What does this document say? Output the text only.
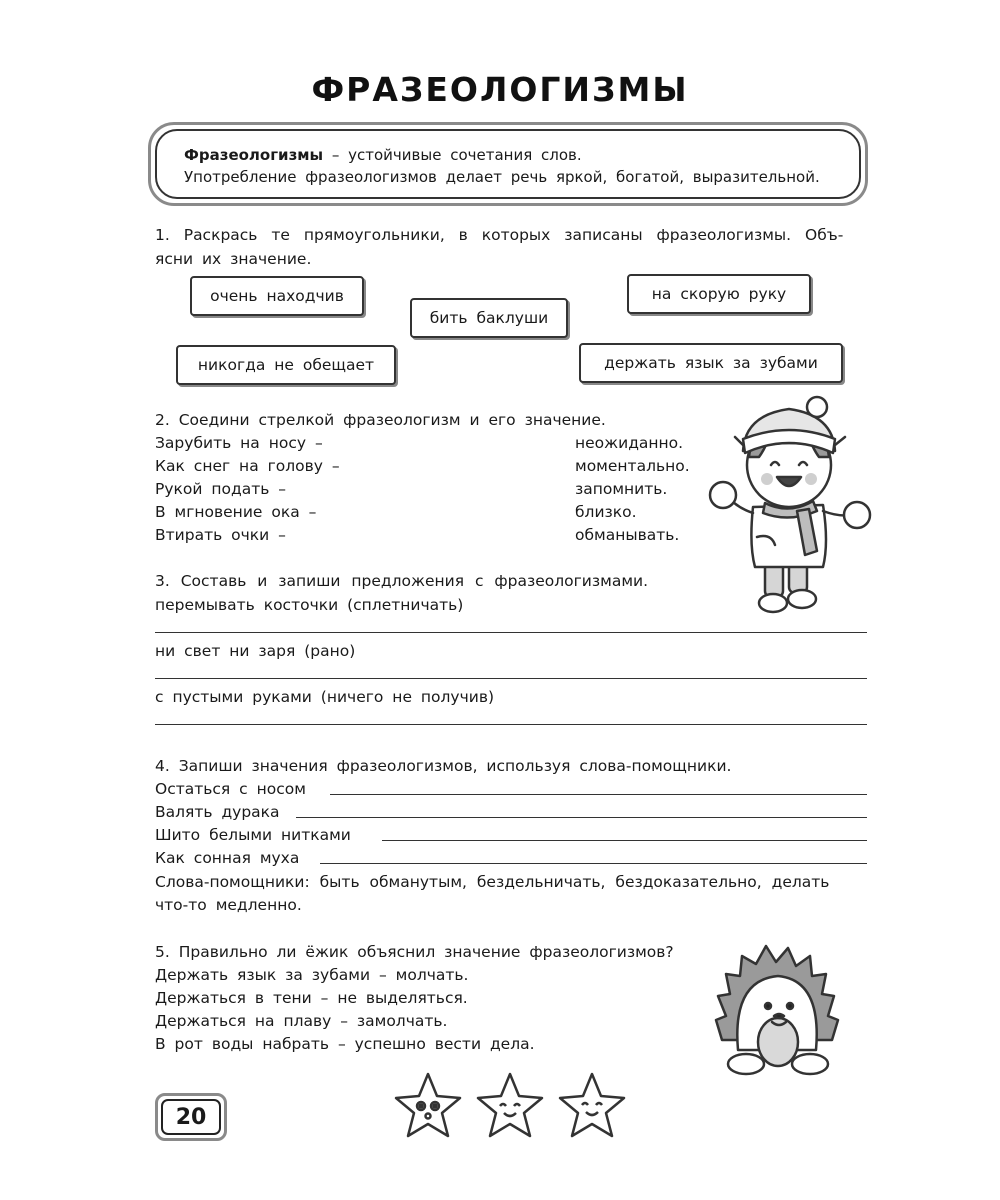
ФРАЗЕОЛОГИЗМЫ
Фразеологизмы – устойчивые сочетания слов.
Употребление фразеологизмов делает речь яркой, богатой, выразительной.
1. Раскрась те прямоугольники, в которых записаны фразеологизмы. Объ-
ясни их значение.
очень находчив
бить баклуши
на скорую руку
никогда не обещает	держать язык за зубами
2. Соедини стрелкой фразеологизм и его значение.
Зарубить на носу –
Как снег на голову –
Рукой подать –
В мгновение ока –
Втирать очки –
неожиданно.
моментально.
запомнить.
близко.
обманывать.
3. Составь и запиши предложения с фразеологизмами.
перемывать косточки (сплетничать)
ни свет ни заря (рано)
с пустыми руками (ничего не получив)
4. Запиши значения фразеологизмов, используя слова-помощники.
Остаться с носом
Валять дурака
Шито белыми нитками
Как сонная муха
Слова-помощники: быть обманутым, бездельничать, бездоказательно, делать
что-то медленно.
5. Правильно ли ёжик объяснил значение фразеологизмов?
Держать язык за зубами – молчать.
Держаться в тени – не выделяться.
Держаться на плаву – замолчать.
В рот воды набрать – успешно вести дела.
20
